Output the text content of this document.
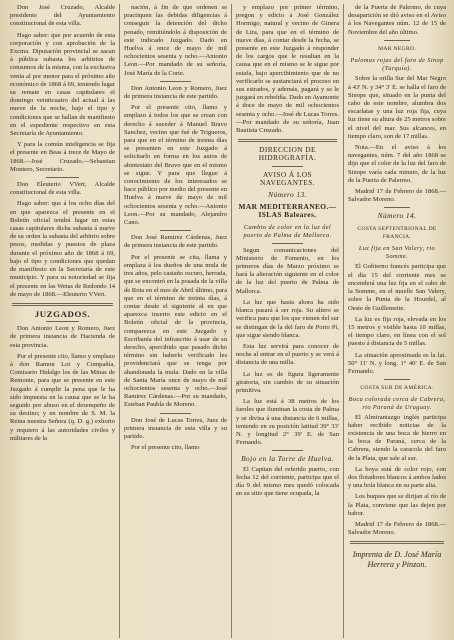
Don José Cruzado, Alcalde presidente del Ayuntamiento constitucional de esta villa.

Hago saber: que por acuerdo de esta corporación y con aprobación de la Excma. Diputación provincial se sacan á pública subasta los arbitrios de consumos de la misma, con la exclusiva venta al por menor para el próximo año económico de 1868 á 69, teniendo lugar su remate en casas capitulares el domingo veinticuatro del actual á las nueve de la noche, bajo el tipo y condiciones que se hallan de manifiesto en el espediente respectivo en esta Secretaría de Ayuntamiento.

Y para la común inteligencia se fija el presente en Beas á trece de Mayo de 1868.—José Cruzado.—Sebastian Montero, Secretario.

Don Eleuterio VVert, Alcalde constitucional de esta villa.

Hago saber: que á los ocho días del en que aparezca el presente en el Boletín oficial tendrá lugar en estas casas capitulares dicha subasta á nueve de su orden la subasta del arbitrio sobre pesos, medidas y puestos de plaza durante el próximo año de 1868 á 69, bajo el tipo y condiciones que quedan de manifiesto en la Secretaría de este municipio. Y para su notoriedad se fija el presente en las Wetas de Redondo 14 de mayo de 1868.—Eleuterio VVert.

JUZGADOS.

Don Antonio Leon y Romero, Juez de primera instancia de Hacienda de esta provincia.

Por el presente cito, llamo y emplazo á don Ramon Lot y Compañía, Comisario Hidalgo los de las Minas de Remonte, para que se presente en este Juzgado á cumplir la pena que le ha sido impuesta en la causa que se le ha seguido por abuso en el desempeño de su destino; y en nombre de S. M. la Reina nuestra Señora (q. D. g.) exhorto y requiero á las autoridades civiles y militares de la

nación, á fin de que ordenen se practiquen las debidas diligencias á conseguir la detención del dicho penado, remitiéndolo á disposición de este indicado Juzgado. Dado en Huelva á once de mayo de mil ochocientos sesenta y ocho.—Antonio Leon.—Por mandado de su señoría, José María de la Corte.

Don Antonio Leon y Romero, Juez de primera instancia de este partido.

Por el presente cito, llamo y emplazo á todos los que se crean con derecho á suceder á Manuel Bravo Sanchez, vecino que fué de Trigueros, para que en el término de treinta días se presenten en este Juzgado á solicitarlo en forma en los autos de abintestato del Bravo que en el mismo se sigue. Y para que llegue á conocimiento de los interesados se hace público por medio del presente en Huelva á nueve de mayo de mil ochocientos sesenta y ocho.—Antonio Leon.—Por su mandado, Alejandro Cano.

Don José Ramirez Cárdenas, Juez de primera instancia de este partido.

Por el presente se cita, llama y emplaza á los dueños de una mula de tres años, pelo castaño oscuro, herrada, que se encontró en la posada de la villa de Rota en el mes de Abril último, para que en el término de treinta días, á contar desde el siguiente al en que aparezca inserto este edicto en el Boletín oficial de la provincia, comparezca en este Juzgado y Escribanía del infrascrito á usar de su derecho, apercibido que pasado dicho término sin haberlo verificado les providenciará que se tenga por abandonada la mula. Dado en la villa de Santa María once de mayo de mil ochocientos sesenta y ocho.—José Ramirez Cárdenas.—Por su mandado, Esteban Paubla de Moreno.

Don José de Lucas Torres, Juez de primera instancia de esta villa y su partido.

Por el presente cito, llamo

y emplazo por primer término, pregon y edicto á José González Hormigo, natural y vecino de Ginera de Lira, para que en el término de nueve días, á contar desde la fecha, se presente en este Juzgado á responder de los cargos que le resultan en la causa que en el mismo se le sigue por estafa, bajo apercibimiento que de no verificarlo se sustanciará el proceso en sus estrados, y además, pagará y se le juzgará en rebeldía. Dado en Ayamonte á doce de mayo de mil ochocientos sesenta y ocho.—José de Lucas Torres.—Por mandado de su señoría, Juan Bautista Cruzado.

DIRECCION DE HIDROGRAFÍA.
AVISO Á LOS NAVEGANTES.
Número 13.
MAR MEDITERRANEO.—ISLAS Baleares.
Cambio de color en la luz del puerto de Palma de Mallorca.

Segun comunicaciones del Ministerio de Fomento, en los primeros días de Marzo próximo se hará la alteración siguiente en el color de la luz del puerto de Palma de Mallorca.

La luz que hasta ahora ha sido blanca pasará á ser roja. Su altero se verifica para que los que vienen del sur se distingan de la del faro de Porto Pí, que sigue siendo blanca.

Esta luz servirá para conocer de noche al entrar en el puerto y se verá á distancia de una milla.

La luz es de figura ligeramente giratoria, sin cambio de su situación primitiva.

La luz está á 38 metros de los faroles que iluminan la costa de Palma y se divisa á una distancia de 6 millas, teniendo en su posición latitud 39° 33' N. y longitud 2° 39' E. de San Fernando.

Bojo en la Torre de Huelva.

El Capitan del referido puerto, con fecha 12 del corriente, participa que el día 9 del mismo mes quedó colocada en su sitio que tiene ocupada, la

de la Puerta de Palermo, de cuya desaparición se dió aviso en el Aviso á los Navegantes núm. 12 de 15 de Noviembre del año último.

MAR NEGRO.
Palomas rojas del faro de Sinop (Turquía).

Sobre la orilla Sur del Mar Negro á 43' N. y 34° 3' E. se halla el faro de Sinope que, situado en la punta del cabo de este nombre, alumbra dos escarlatas y una luz roja fija, cuya luz tiene su altura de 25 metros sobre el nivel del mar. Sus alcances, en tiempo claro, son de 17 millas.

Nota.—En el aviso á los navegantes, núm. 7 del año 1868 se dijo que el color de la luz del faro de Sinope varía cada minuto, de la luz de la Puerta de Palermo.

Madrid 17 de Febrero de 1868.—Salvador Moreno.

Número 14.
COSTA SEPTENTRIONAL DE FRANCIA.
Luz fija en San Valery, rio Somme.

El Gobierno francés participa que el día 15 del corriente mes se encenderá una luz fija en el cabo de la Somme, en el muelle San Valery, sobre la Punta de la Hourdel, al Oeste de Guillemette.

La luz es fija roja, elevada en los 15 metros y visible hasta 10 millas, el tiempo claro, en línea con el sol puesto á distancia de 5 millas.

La situación aproximada es la lat. 50° 11' N. y long. 1° 40' E. de San Fernando.

COSTA SUR DE AMÉRICA.
Boca colorada cerca de Cabrera, rio Paraná de Uruguay.

El Almirantazgo inglés participa haber recibido noticias de la existencia de una boca de hierro en la boca de Paraná, cerca de la Cabrera, siendo la caracola del faro de la Plata, que sale al sur.

La boya está de color rojo, con dos flotadores blancos á ambos lados y una bola blanca en su parte alta.

Los buques que se dirijan al río de la Plata, conviene que las dejen por babor.

Madrid 17 de Febrero de 1868.—Salvador Moreno.

Imprenta de D. José María
Herrera y Pinzon.
